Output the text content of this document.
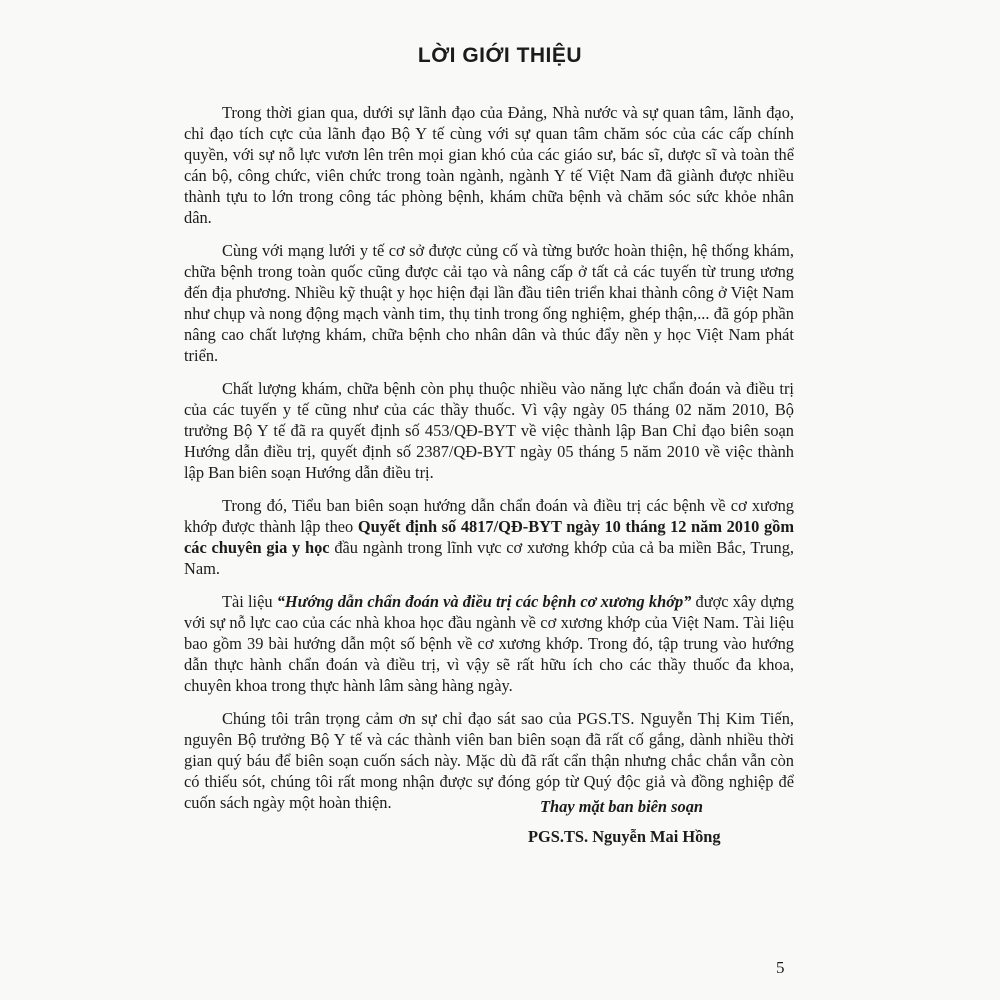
LỜI GIỚI THIỆU

Trong thời gian qua, dưới sự lãnh đạo của Đảng, Nhà nước và sự quan tâm, lãnh đạo, chỉ đạo tích cực của lãnh đạo Bộ Y tế cùng với sự quan tâm chăm sóc của các cấp chính quyền, với sự nỗ lực vươn lên trên mọi gian khó của các giáo sư, bác sĩ, dược sĩ và toàn thể cán bộ, công chức, viên chức trong toàn ngành, ngành Y tế Việt Nam đã giành được nhiều thành tựu to lớn trong công tác phòng bệnh, khám chữa bệnh và chăm sóc sức khỏe nhân dân.

Cùng với mạng lưới y tế cơ sở được củng cố và từng bước hoàn thiện, hệ thống khám, chữa bệnh trong toàn quốc cũng được cải tạo và nâng cấp ở tất cả các tuyến từ trung ương đến địa phương. Nhiều kỹ thuật y học hiện đại lần đầu tiên triển khai thành công ở Việt Nam như chụp và nong động mạch vành tim, thụ tinh trong ống nghiệm, ghép thận,... đã góp phần nâng cao chất lượng khám, chữa bệnh cho nhân dân và thúc đẩy nền y học Việt Nam phát triển.

Chất lượng khám, chữa bệnh còn phụ thuộc nhiều vào năng lực chẩn đoán và điều trị của các tuyến y tế cũng như của các thầy thuốc. Vì vậy ngày 05 tháng 02 năm 2010, Bộ trưởng Bộ Y tế đã ra quyết định số 453/QĐ-BYT về việc thành lập Ban Chỉ đạo biên soạn Hướng dẫn điều trị, quyết định số 2387/QĐ-BYT ngày 05 tháng 5 năm 2010 về việc thành lập Ban biên soạn Hướng dẫn điều trị.

Trong đó, Tiểu ban biên soạn hướng dẫn chẩn đoán và điều trị các bệnh về cơ xương khớp được thành lập theo Quyết định số 4817/QĐ-BYT ngày 10 tháng 12 năm 2010 gồm các chuyên gia y học đầu ngành trong lĩnh vực cơ xương khớp của cả ba miền Bắc, Trung, Nam.

Tài liệu “Hướng dẫn chẩn đoán và điều trị các bệnh cơ xương khớp” được xây dựng với sự nỗ lực cao của các nhà khoa học đầu ngành về cơ xương khớp của Việt Nam. Tài liệu bao gồm 39 bài hướng dẫn một số bệnh về cơ xương khớp. Trong đó, tập trung vào hướng dẫn thực hành chẩn đoán và điều trị, vì vậy sẽ rất hữu ích cho các thầy thuốc đa khoa, chuyên khoa trong thực hành lâm sàng hàng ngày.

Chúng tôi trân trọng cảm ơn sự chỉ đạo sát sao của PGS.TS. Nguyễn Thị Kim Tiến, nguyên Bộ trưởng Bộ Y tế và các thành viên ban biên soạn đã rất cố gắng, dành nhiều thời gian quý báu để biên soạn cuốn sách này. Mặc dù đã rất cẩn thận nhưng chắc chắn vẫn còn có thiếu sót, chúng tôi rất mong nhận được sự đóng góp từ Quý độc giả và đồng nghiệp để cuốn sách ngày một hoàn thiện.	Thay mặt ban biên soạn
PGS.TS. Nguyễn Mai Hồng
5
